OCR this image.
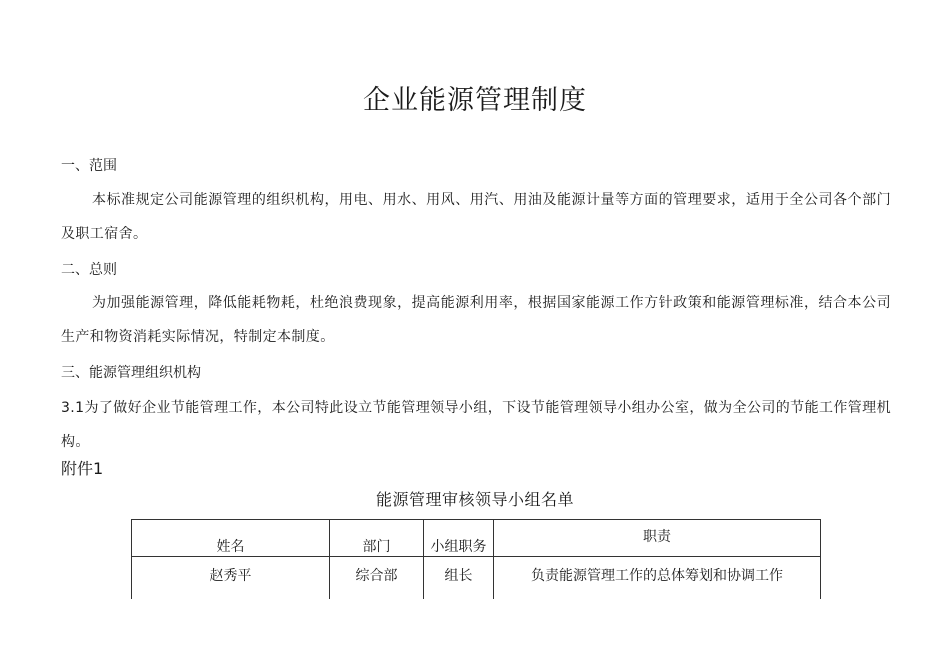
企业能源管理制度

一、范围

本标准规定公司能源管理的组织机构，用电、用水、用风、用汽、用油及能源计量等方面的管理要求，适用于全公司各个部门及职工宿舍。

二、总则

为加强能源管理，降低能耗物耗，杜绝浪费现象，提高能源利用率，根据国家能源工作方针政策和能源管理标准，结合本公司生产和物资消耗实际情况，特制定本制度。

三、能源管理组织机构

3.1为了做好企业节能管理工作，本公司特此设立节能管理领导小组，下设节能管理领导小组办公室，做为全公司的节能工作管理机构。

附件1

能源管理审核领导小组名单

姓名	部门	小组职务	职责
赵秀平	综合部	组长	负责能源管理工作的总体筹划和协调工作
